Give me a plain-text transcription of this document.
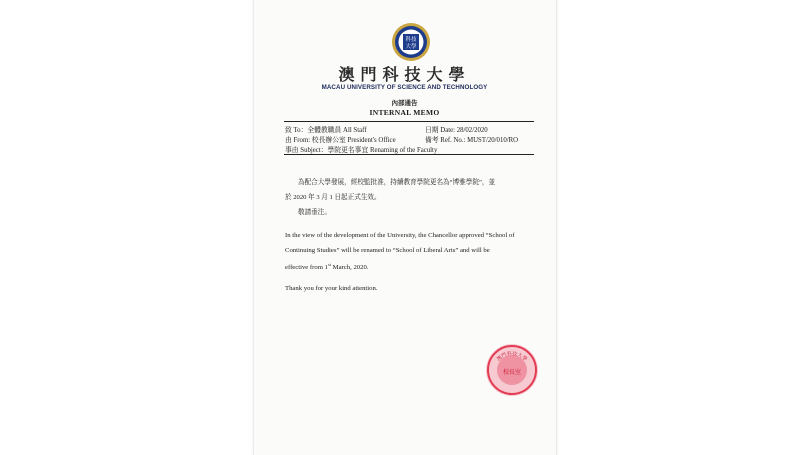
科技
大學
澳門科技大學
MACAU UNIVERSITY OF SCIENCE AND TECHNOLOGY
內部通告
INTERNAL MEMO
致 To：全體教職員 All Staff	日期 Date: 28/02/2020
由 From: 校長辦公室 President's Office	備考 Ref. No.: MUST/20/010/RO
事由 Subject：學院更名事宜 Renaming of the Faculty
為配合大學發展，經校監批准，持續教育學院更名為“博雅學院”，並
於 2020 年 3 月 1 日起正式生效。
敬請垂注。
In the view of the development of the University, the Chancellor approved “School of
Continuing Studies” will be renamed to “School of Liberal Arts” and will be
effective from 1st March, 2020.
Thank you for your kind attention.
澳門科技大學
校長室
